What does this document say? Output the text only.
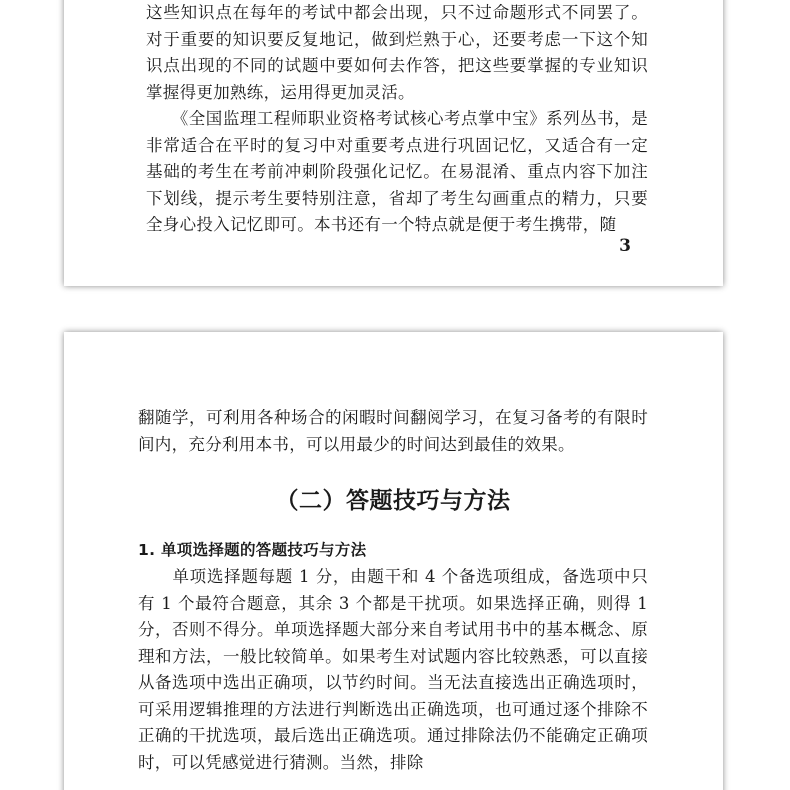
这些知识点在每年的考试中都会出现，只不过命题形式不同罢了。对于重要的知识要反复地记，做到烂熟于心，还要考虑一下这个知识点出现的不同的试题中要如何去作答，把这些要掌握的专业知识掌握得更加熟练，运用得更加灵活。

　　《全国监理工程师职业资格考试核心考点掌中宝》系列丛书，是非常适合在平时的复习中对重要考点进行巩固记忆，又适合有一定基础的考生在考前冲刺阶段强化记忆。在易混淆、重点内容下加注下划线，提示考生要特别注意，省却了考生勾画重点的精力，只要全身心投入记忆即可。本书还有一个特点就是便于考生携带，随

3

翻随学，可利用各种场合的闲暇时间翻阅学习，在复习备考的有限时间内，充分利用本书，可以用最少的时间达到最佳的效果。

（二）答题技巧与方法
1. 单项选择题的答题技巧与方法

　　单项选择题每题 1 分，由题干和 4 个备选项组成，备选项中只有 1 个最符合题意，其余 3 个都是干扰项。如果选择正确，则得 1 分，否则不得分。单项选择题大部分来自考试用书中的基本概念、原理和方法，一般比较简单。如果考生对试题内容比较熟悉，可以直接从备选项中选出正确项，以节约时间。当无法直接选出正确选项时，可采用逻辑推理的方法进行判断选出正确选项，也可通过逐个排除不正确的干扰选项，最后选出正确选项。通过排除法仍不能确定正确项时，可以凭感觉进行猜测。当然，排除
